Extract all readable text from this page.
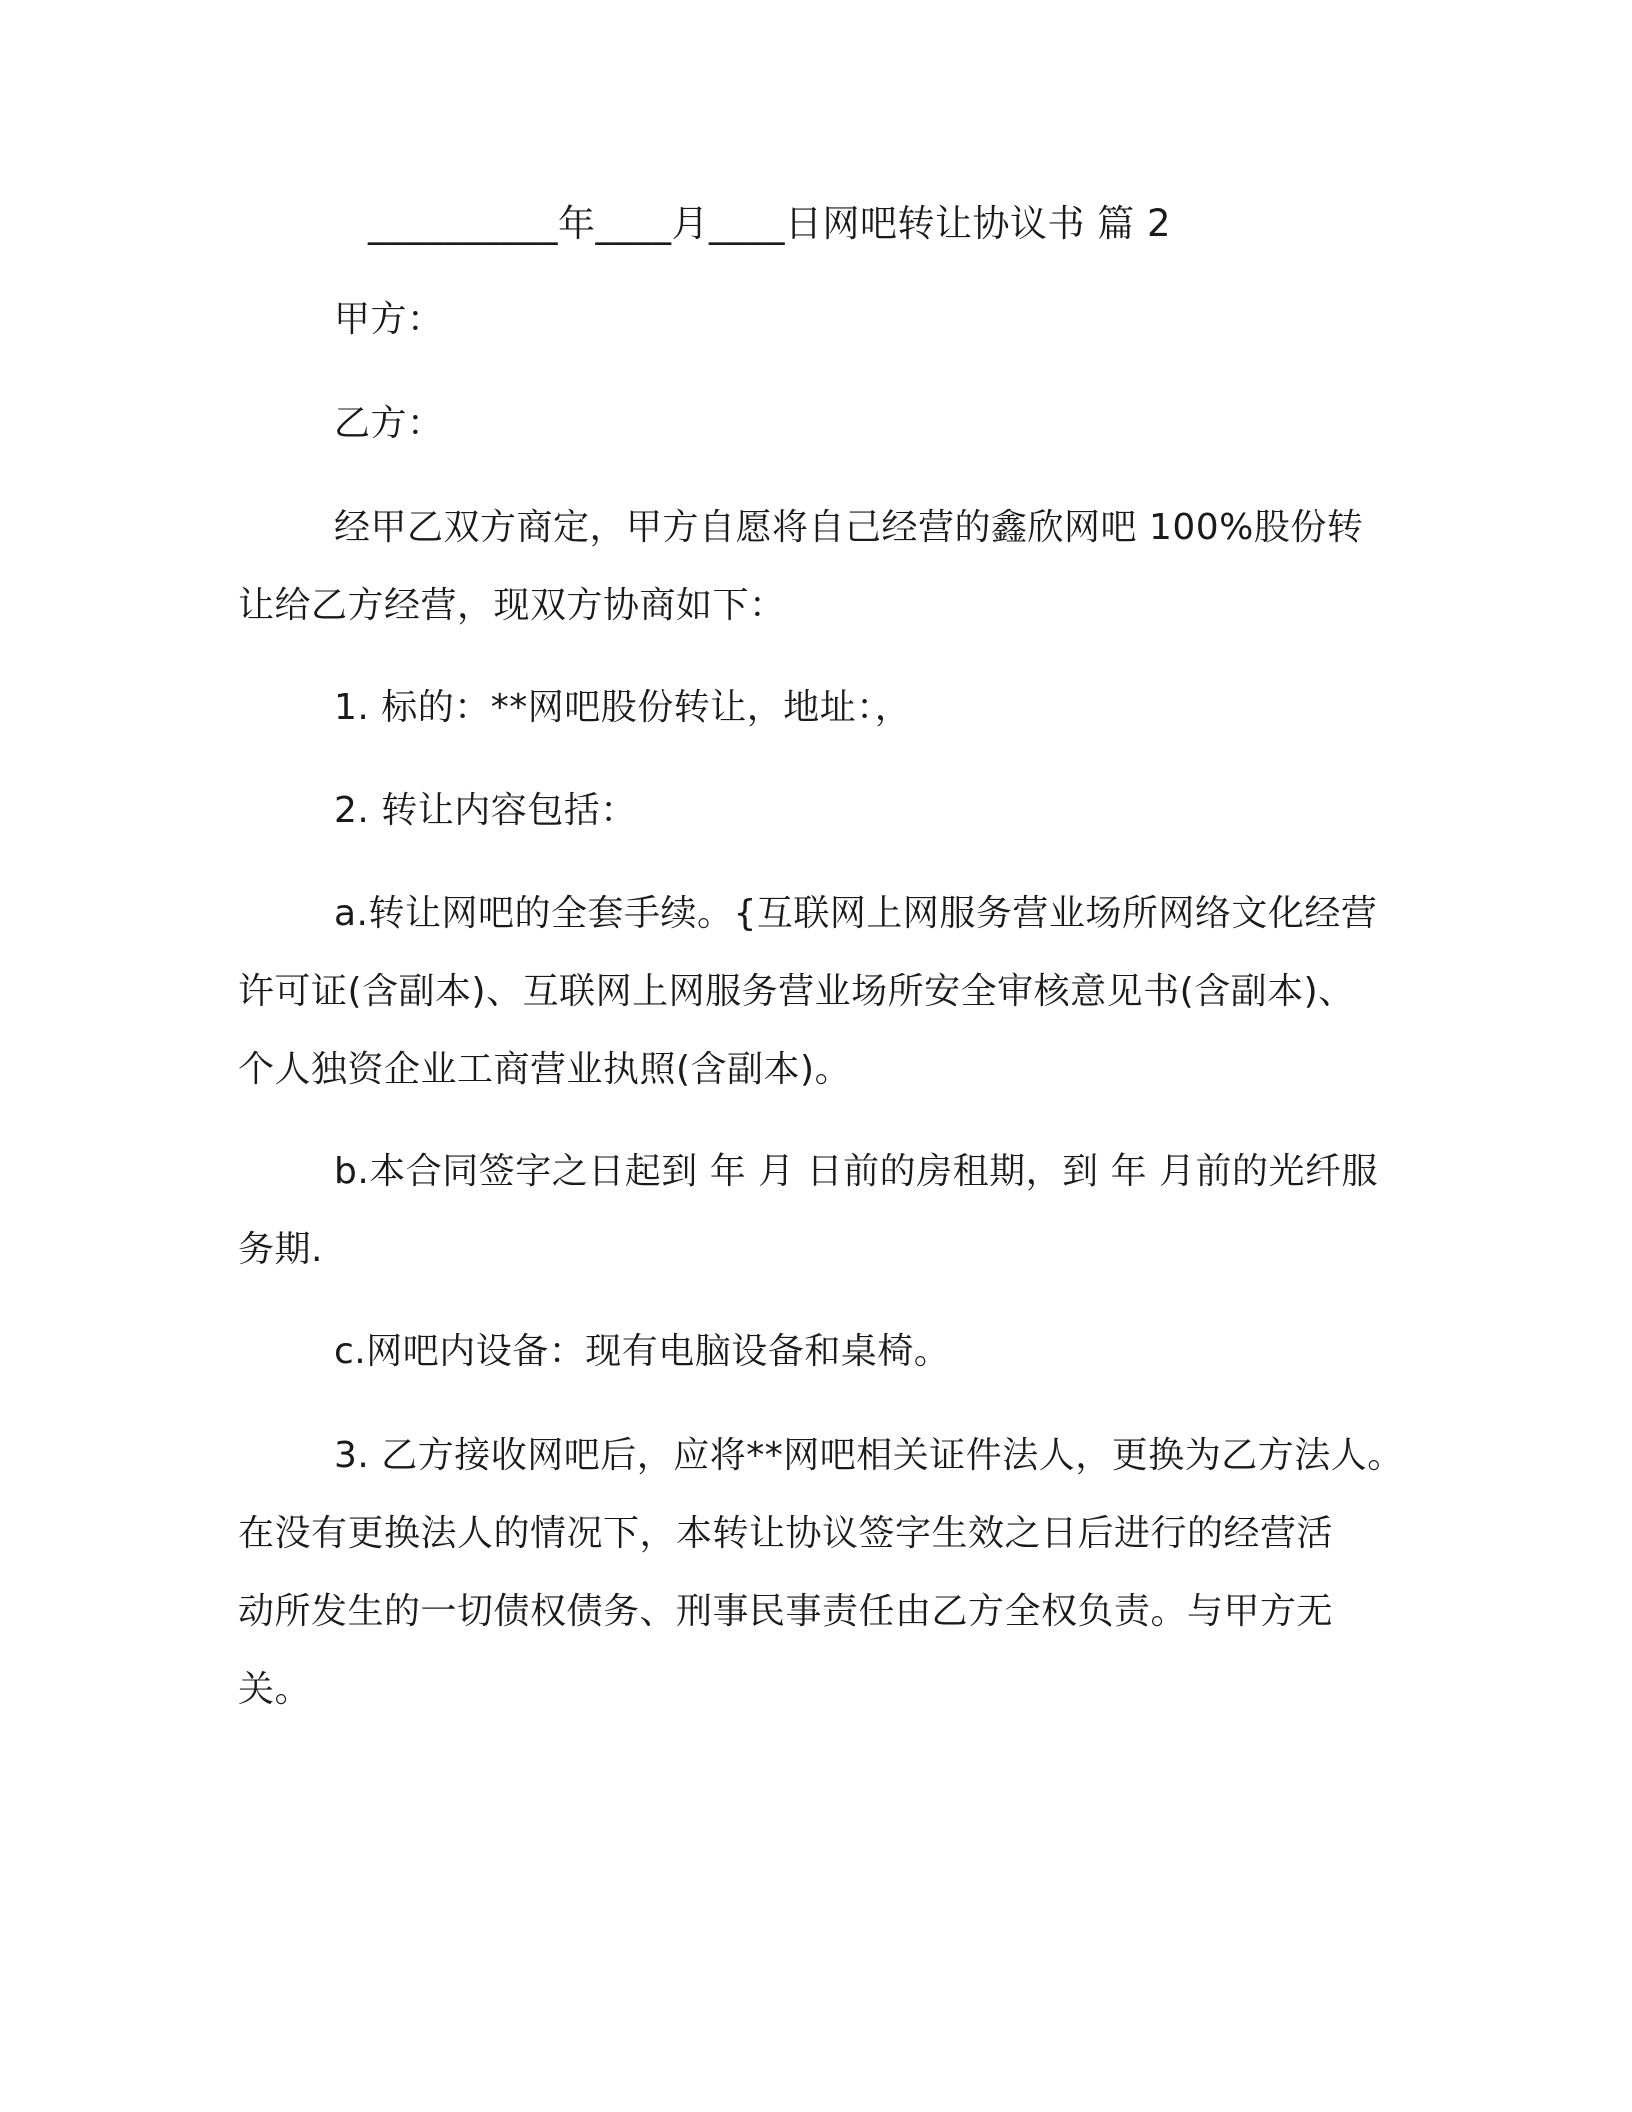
__________年____月____日网吧转让协议书 篇 2
甲方：
乙方：
经甲乙双方商定，甲方自愿将自己经营的鑫欣网吧 100%股份转
让给乙方经营，现双方协商如下：
1. 标的：**网吧股份转让，地址：，
2. 转让内容包括：
a.转让网吧的全套手续。{互联网上网服务营业场所网络文化经营
许可证(含副本)、互联网上网服务营业场所安全审核意见书(含副本)、
个人独资企业工商营业执照(含副本)。
b.本合同签字之日起到 年 月 日前的房租期，到 年 月前的光纤服
务期.
c.网吧内设备：现有电脑设备和桌椅。
3. 乙方接收网吧后，应将**网吧相关证件法人，更换为乙方法人。
在没有更换法人的情况下，本转让协议签字生效之日后进行的经营活
动所发生的一切债权债务、刑事民事责任由乙方全权负责。与甲方无
关。
